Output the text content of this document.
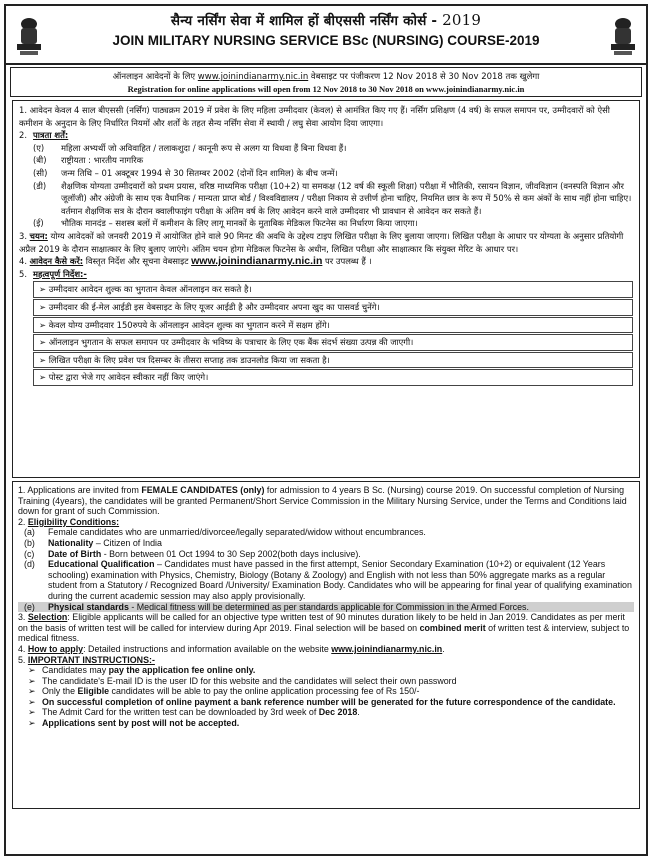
सैन्य नर्सिंग सेवा में शामिल हों बीएससी नर्सिंग कोर्स - 2019
JOIN MILITARY NURSING SERVICE BSc (NURSING) COURSE-2019
ऑनलाइन आवेदनों के लिए www.joinindianarmy.nic.in वेबसाइट पर पंजीकरण 12 Nov 2018 से 30 Nov 2018 तक खुलेगा
Registration for online applications will open from 12 Nov 2018 to 30 Nov 2018 on www.joinindianarmy.nic.in

1. आवेदन केवल 4 साल बीएससी (नर्सिंग) पाठ्यक्रम 2019 में प्रवेश के लिए महिला उम्मीदवार (केवल) से आमंत्रित किए गए हैं। नर्सिंग प्रशिक्षण (4 वर्ष) के सफल समापन पर, उम्मीदवारों को ऐसी कमीशन के अनुदान के लिए निर्धारित नियमों और शर्तों के तहत सैन्य नर्सिंग सेवा में स्थायी / लघु सेवा आयोग दिया जाएगा।

2. पात्रता शर्तें:
(ए)	महिला अभ्यर्थी जो अविवाहित / तलाकशुदा / कानूनी रूप से अलग या विधवा हैं बिना विधवा हैं।
(बी)	राष्ट्रीयता : भारतीय नागरिक
(सी)	जन्म तिथि – 01 अक्टूबर 1994 से 30 सितम्बर 2002 (दोनों दिन शामिल) के बीच जन्में।
(डी)	शैक्षणिक योग्यता उम्मीदवारों को प्रथम प्रयास, वरिष्ठ माध्यमिक परीक्षा (10+2) या समकक्ष (12 वर्ष की स्कूली शिक्षा) परीक्षा में भौतिकी, रसायन विज्ञान, जीवविज्ञान (वनस्पति विज्ञान और जूलॉजी) और अंग्रेजी के साथ एक वैधानिक / मान्यता प्राप्त बोर्ड / विश्वविद्यालय / परीक्षा निकाय से उत्तीर्ण होना चाहिए, नियमित छात्र के रूप में 50% से कम अंकों के साथ नहीं होना चाहिए। वर्तमान शैक्षणिक सत्र के दौरान क्वालीफाइंग परीक्षा के अंतिम वर्ष के लिए आवेदन करने वाले उम्मीदवार भी प्रावधान से आवेदन कर सकते हैं।
(ई)	भौतिक मानदंड – सशस्त्र बलों में कमीशन के लिए लागू मानकों के मुताबिक मेडिकल फिटनेस का निर्धारण किया जाएगा।

3. चयन: योग्य आवेदकों को जनवरी 2019 में आयोजित होने वाले 90 मिनट की अवधि के उद्देश्य टाइप लिखित परीक्षा के लिए बुलाया जाएगा। लिखित परीक्षा के आधार पर योग्यता के अनुसार प्रतियोगी अप्रैल 2019 के दौरान साक्षात्कार के लिए बुलाए जाएंगे। अंतिम चयन होगा मेडिकल फिटनेस के अधीन, लिखित परीक्षा और साक्षात्कार कि संयुक्त मेरिट के आधार पर।

4. आवेदन कैसे करें: विस्तृत निर्देश और सूचना वेबसाइट www.joinindianarmy.nic.in पर उपलब्ध हैं ।

5. महत्वपूर्ण निर्देश:-
➢ उम्मीदवार आवेदन शुल्क का भुगतान केवल ऑनलाइन कर सकते है।
➢ उम्मीदवार की ई-मेल आईडी इस वेबसाइट के लिए यूजर आईडी है और उम्मीदवार अपना खुद का पासवर्ड चुनेंगे।
➢ केवल योग्य उम्मीदवार 150रुपये के ऑनलाइन आवेदन शुल्क का भुगतान करने में सक्षम होंगे।
➢ ऑनलाइन भुगतान के सफल समापन पर उम्मीदवार के भविष्य के पत्राचार के लिए एक बैंक संदर्भ संख्या उत्पन्न की जाएगी।
➢ लिखित परीक्षा के लिए प्रवेश पत्र दिसम्बर के तीसरा सप्ताह तक डाउनलोड किया जा सकता है।
➢ पोस्ट द्वारा भेजे गए आवेदन स्वीकार नहीं किए जाएंगे।

1. Applications are invited from FEMALE CANDIDATES (only) for admission to 4 years B Sc. (Nursing) course 2019. On successful completion of Nursing Training (4years), the candidates will be granted Permanent/Short Service Commission in the Military Nursing Service, under the Terms and Conditions laid down for grant of such Commission.

2. Eligibility Conditions:

(a)	Female candidates who are unmarried/divorcee/legally separated/widow without encumbrances.
(b)	Nationality – Citizen of India
(c)	Date of Birth - Born between 01 Oct 1994 to 30 Sep 2002(both days inclusive).
(d)	Educational Qualification – Candidates must have passed in the first attempt, Senior Secondary Examination (10+2) or equivalent (12 Years schooling) examination with Physics, Chemistry, Biology (Botany & Zoology) and English with not less than 50% aggregate marks as a regular student from a Statutory / Recognized Board /University/ Examination Body. Candidates who will be appearing for final year of qualifying examination during the current academic session may also apply provisionally.
(e)	Physical standards - Medical fitness will be determined as per standards applicable for Commission in the Armed Forces.

3. Selection: Eligible applicants will be called for an objective type written test of 90 minutes duration likely to be held in Jan 2019. Candidates as per merit on the basis of written test will be called for interview during Apr 2019. Final selection will be based on combined merit of written test & interview, subject to medical fitness.

4. How to apply: Detailed instructions and information available on the website www.joinindianarmy.nic.in.

5. IMPORTANT INSTRUCTIONS:-

➢ Candidates may pay the application fee online only.
➢ The candidate's E-mail ID is the user ID for this website and the candidates will select their own password
➢ Only the Eligible candidates will be able to pay the online application processing fee of Rs 150/-
➢ On successful completion of online payment a bank reference number will be generated for the future correspondence of the candidate.
➢ The Admit Card for the written test can be downloaded by 3rd week of Dec 2018.
➢ Applications sent by post will not be accepted.
